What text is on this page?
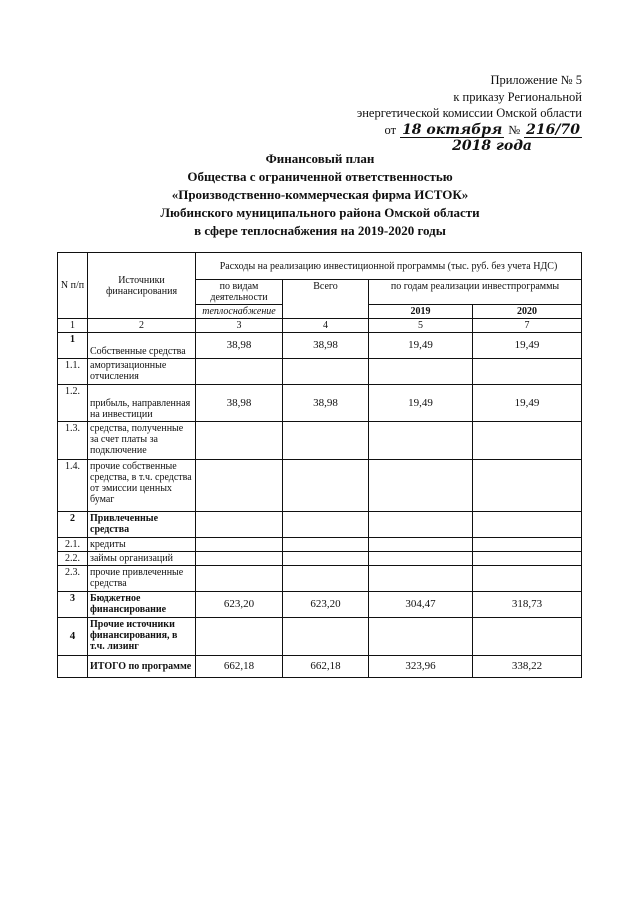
Приложение № 5
к приказу Региональной
энергетической комиссии Омской области
от 18 октября № 216/70
2018 года
Финансовый план
Общества с ограниченной ответственностью
«Производственно-коммерческая фирма ИСТОК»
Любинского муниципального района Омской области
в сфере теплоснабжения на 2019-2020 годы
N п/п	Источники финансирования	Расходы на реализацию инвестиционной программы (тыс. руб. без учета НДС)			
		по видам деятельности	Всего	по годам реализации инвестпрограммы	
		теплоснабжение		2019	2020
1	2	3	4	5	7
1	Собственные средства	38,98	38,98	19,49	19,49
1.1.	амортизационные отчисления				
1.2.	прибыль, направленная на инвестиции	38,98	38,98	19,49	19,49
1.3.	средства, полученные за счет платы за подключение				
1.4.	прочие собственные средства, в т.ч. средства от эмиссии ценных бумаг				
2	Привлеченные средства				
2.1.	кредиты				
2.2.	займы организаций				
2.3.	прочие привлеченные средства				
3	Бюджетное финансирование	623,20	623,20	304,47	318,73
4	Прочие источники финансирования, в т.ч. лизинг				
	ИТОГО по программе	662,18	662,18	323,96	338,22
